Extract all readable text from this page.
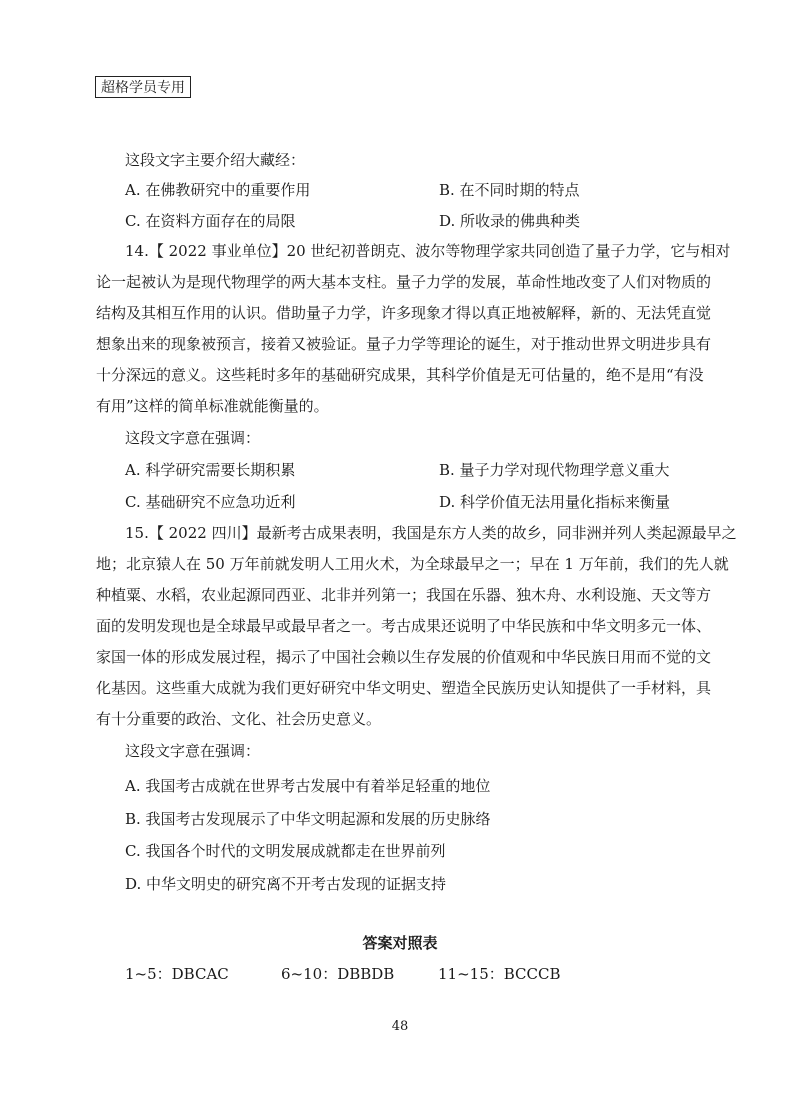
超格学员专用
这段文字主要介绍大藏经：
A. 在佛教研究中的重要作用	B. 在不同时期的特点
C. 在资料方面存在的局限	D. 所收录的佛典种类
14.【 2022 事业单位】20 世纪初普朗克、波尔等物理学家共同创造了量子力学，它与相对
论一起被认为是现代物理学的两大基本支柱。量子力学的发展，革命性地改变了人们对物质的
结构及其相互作用的认识。借助量子力学，许多现象才得以真正地被解释，新的、无法凭直觉
想象出来的现象被预言，接着又被验证。量子力学等理论的诞生，对于推动世界文明进步具有
十分深远的意义。这些耗时多年的基础研究成果，其科学价值是无可估量的，绝不是用“有没
有用”这样的简单标准就能衡量的。
这段文字意在强调：
A. 科学研究需要长期积累	B. 量子力学对现代物理学意义重大
C. 基础研究不应急功近利	D. 科学价值无法用量化指标来衡量
15.【 2022 四川】最新考古成果表明，我国是东方人类的故乡，同非洲并列人类起源最早之
地；北京猿人在 50 万年前就发明人工用火术，为全球最早之一；早在 1 万年前，我们的先人就
种植粟、水稻，农业起源同西亚、北非并列第一；我国在乐器、独木舟、水利设施、天文等方
面的发明发现也是全球最早或最早者之一。考古成果还说明了中华民族和中华文明多元一体、
家国一体的形成发展过程，揭示了中国社会赖以生存发展的价值观和中华民族日用而不觉的文
化基因。这些重大成就为我们更好研究中华文明史、塑造全民族历史认知提供了一手材料，具
有十分重要的政治、文化、社会历史意义。
这段文字意在强调：
A. 我国考古成就在世界考古发展中有着举足轻重的地位
B. 我国考古发现展示了中华文明起源和发展的历史脉络
C. 我国各个时代的文明发展成就都走在世界前列
D. 中华文明史的研究离不开考古发现的证据支持
答案对照表
1~5：DBCAC	6~10：DBBDB	11~15：BCCCB
48
